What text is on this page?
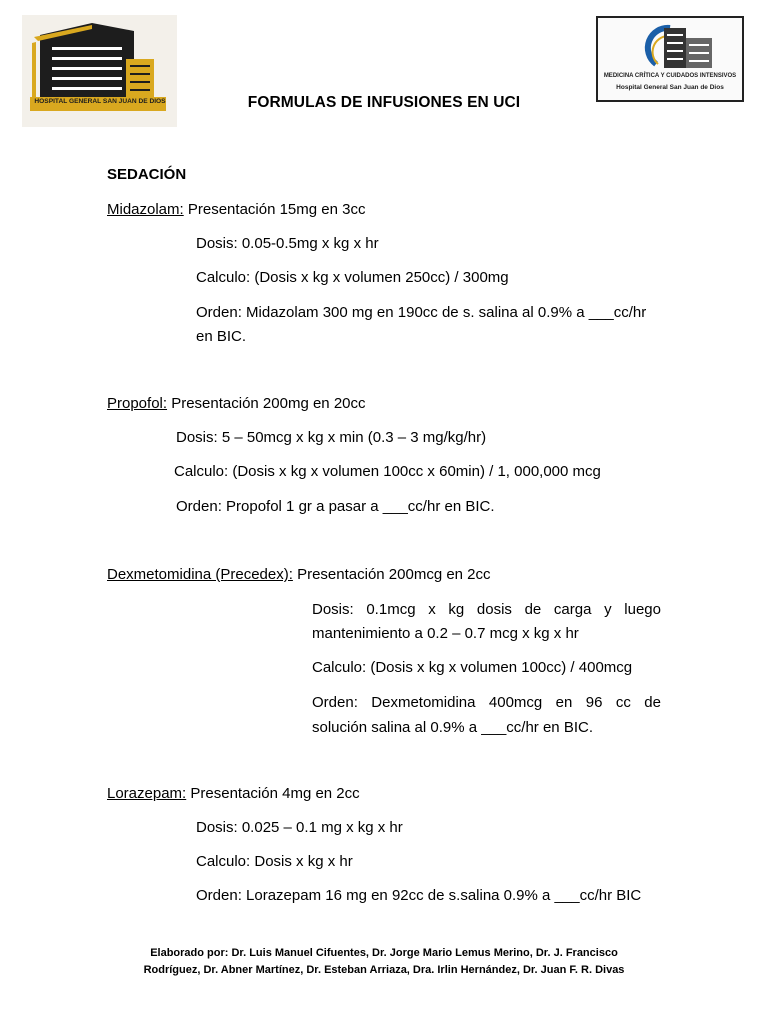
HOSPITAL GENERAL SAN JUAN DE DIOS
MEDICINA CRÍTICA Y CUIDADOS INTENSIVOS
Hospital General San Juan de Dios
FORMULAS DE INFUSIONES EN UCI
SEDACIÓN
Midazolam: Presentación 15mg en 3cc
Dosis: 0.05-0.5mg x kg x hr
Calculo: (Dosis x kg x volumen 250cc) / 300mg
Orden: Midazolam 300 mg en 190cc de s. salina al 0.9% a ___cc/hr en BIC.
Propofol: Presentación 200mg en 20cc
Dosis: 5 – 50mcg x kg x min (0.3 – 3 mg/kg/hr)
Calculo: (Dosis x kg x volumen 100cc x 60min) / 1, 000,000 mcg
Orden: Propofol 1 gr a pasar a ___cc/hr en BIC.
Dexmetomidina (Precedex): Presentación 200mcg en 2cc
Dosis: 0.1mcg x kg dosis de carga y luego mantenimiento a 0.2 – 0.7 mcg x kg x hr
Calculo: (Dosis x kg x volumen 100cc) / 400mcg
Orden: Dexmetomidina 400mcg en 96 cc de solución salina al 0.9% a ___cc/hr en BIC.
Lorazepam: Presentación 4mg en 2cc
Dosis: 0.025 – 0.1 mg x kg x hr
Calculo: Dosis x kg x hr
Orden: Lorazepam 16 mg en 92cc de s.salina 0.9% a ___cc/hr BIC
Elaborado por: Dr. Luis Manuel Cifuentes, Dr. Jorge Mario Lemus Merino, Dr. J. Francisco
Rodríguez, Dr. Abner Martínez, Dr. Esteban Arriaza, Dra. Irlin Hernández, Dr. Juan F. R. Divas
